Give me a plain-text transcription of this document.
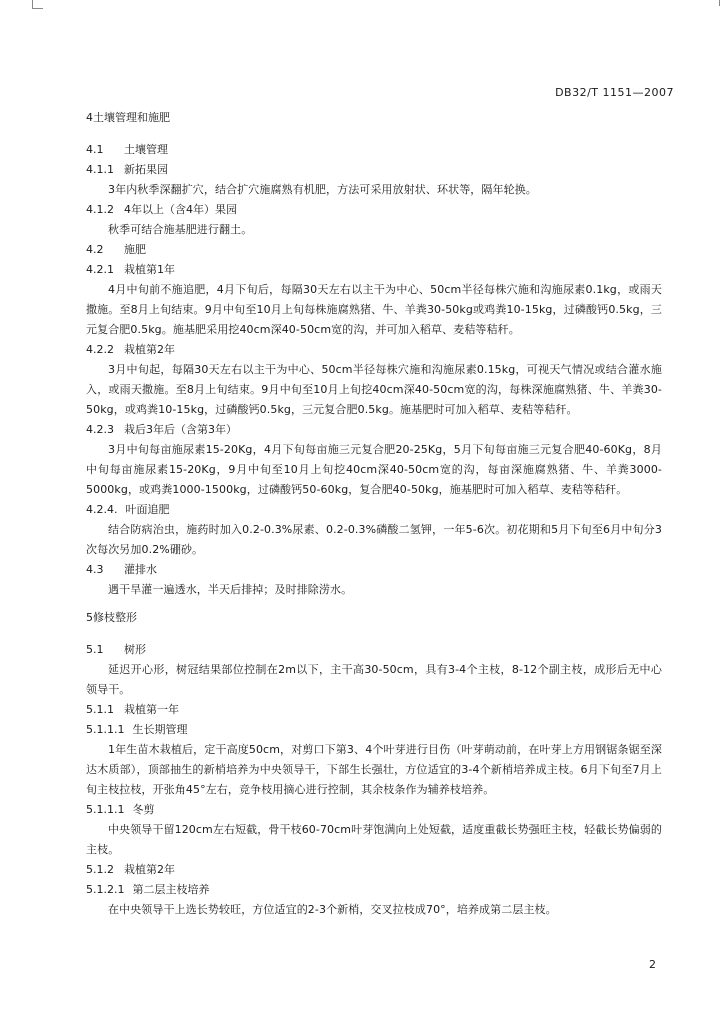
DB32/T 1151—2007
4土壤管理和施肥
4.1 土壤管理
4.1.1 新拓果园

3年内秋季深翻扩穴，结合扩穴施腐熟有机肥，方法可采用放射状、环状等，隔年轮换。

4.1.2 4年以上（含4年）果园

秋季可结合施基肥进行翻土。

4.2 施肥
4.2.1 栽植第1年

4月中旬前不施追肥，4月下旬后，每隔30天左右以主干为中心、50cm半径每株穴施和沟施尿素0.1kg，或雨天撒施。至8月上旬结束。9月中旬至10月上旬每株施腐熟猪、牛、羊粪30-50kg或鸡粪10-15kg，过磷酸钙0.5kg，三元复合肥0.5kg。施基肥采用挖40cm深40-50cm宽的沟，并可加入稻草、麦秸等秸秆。

4.2.2 栽植第2年

3月中旬起，每隔30天左右以主干为中心、50cm半径每株穴施和沟施尿素0.15kg，可视天气情况或结合灌水施入，或雨天撒施。至8月上旬结束。9月中旬至10月上旬挖40cm深40-50cm宽的沟，每株深施腐熟猪、牛、羊粪30-50kg，或鸡粪10-15kg，过磷酸钙0.5kg，三元复合肥0.5kg。施基肥时可加入稻草、麦秸等秸秆。

4.2.3 栽后3年后（含第3年）

3月中旬每亩施尿素15-20Kg，4月下旬每亩施三元复合肥20-25Kg，5月下旬每亩施三元复合肥40-60Kg，8月中旬每亩施尿素15-20Kg，9月中旬至10月上旬挖40cm深40-50cm宽的沟，每亩深施腐熟猪、牛、羊粪3000-5000kg，或鸡粪1000-1500kg，过磷酸钙50-60kg，复合肥40-50kg，施基肥时可加入稻草、麦秸等秸秆。

4.2.4. 叶面追肥

结合防病治虫，施药时加入0.2-0.3%尿素、0.2-0.3%磷酸二氢钾，一年5-6次。初花期和5月下旬至6月中旬分3次每次另加0.2%硼砂。

4.3 灌排水

遇干旱灌一遍透水，半天后排掉；及时排除涝水。

5修枝整形
5.1 树形

延迟开心形，树冠结果部位控制在2m以下，主干高30-50cm，具有3-4个主枝，8-12个副主枝，成形后无中心领导干。

5.1.1 栽植第一年
5.1.1.1 生长期管理

1年生苗木栽植后，定干高度50cm，对剪口下第3、4个叶芽进行目伤（叶芽萌动前，在叶芽上方用钢锯条锯至深达木质部），顶部抽生的新梢培养为中央领导干，下部生长强壮，方位适宜的3-4个新梢培养成主枝。6月下旬至7月上旬主枝拉枝，开张角45°左右，竞争枝用摘心进行控制，其余枝条作为辅养枝培养。

5.1.1.1 冬剪

中央领导干留120cm左右短截，骨干枝60-70cm叶芽饱满向上处短截，适度重截长势强旺主枝，轻截长势偏弱的主枝。

5.1.2 栽植第2年
5.1.2.1 第二层主枝培养

在中央领导干上选长势较旺，方位适宜的2-3个新梢，交叉拉枝成70°，培养成第二层主枝。

2
